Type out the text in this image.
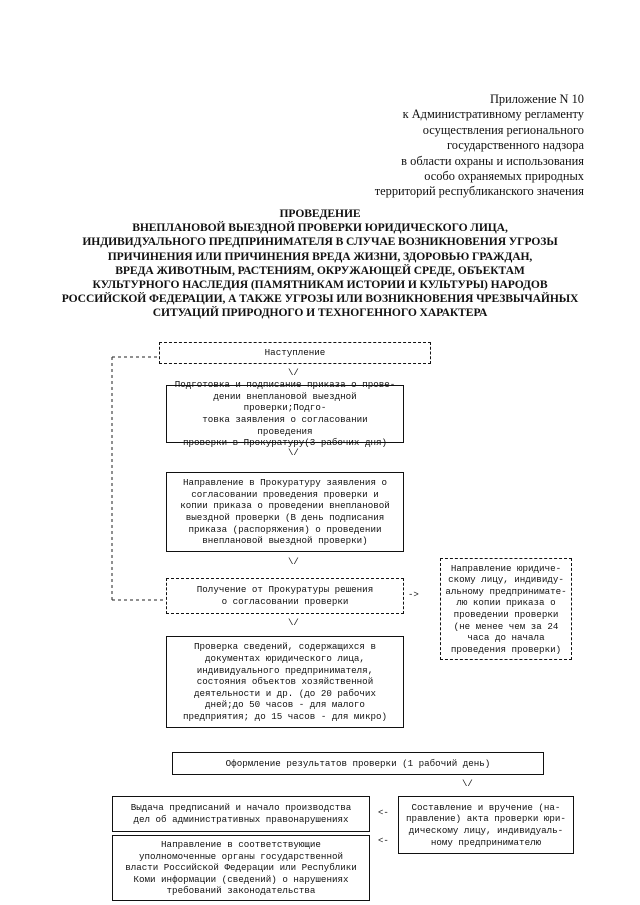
Приложение N 10
к Административному регламенту
осуществления регионального
государственного надзора
в области охраны и использования
особо охраняемых природных
территорий республиканского значения
ПРОВЕДЕНИЕ
ВНЕПЛАНОВОЙ ВЫЕЗДНОЙ ПРОВЕРКИ ЮРИДИЧЕСКОГО ЛИЦА,
ИНДИВИДУАЛЬНОГО ПРЕДПРИНИМАТЕЛЯ В СЛУЧАЕ ВОЗНИКНОВЕНИЯ УГРОЗЫ
ПРИЧИНЕНИЯ ИЛИ ПРИЧИНЕНИЯ ВРЕДА ЖИЗНИ, ЗДОРОВЬЮ ГРАЖДАН,
ВРЕДА ЖИВОТНЫМ, РАСТЕНИЯМ, ОКРУЖАЮЩЕЙ СРЕДЕ, ОБЪЕКТАМ
КУЛЬТУРНОГО НАСЛЕДИЯ (ПАМЯТНИКАМ ИСТОРИИ И КУЛЬТУРЫ) НАРОДОВ
РОССИЙСКОЙ ФЕДЕРАЦИИ, А ТАКЖЕ УГРОЗЫ ИЛИ ВОЗНИКНОВЕНИЯ ЧРЕЗВЫЧАЙНЫХ
СИТУАЦИЙ ПРИРОДНОГО И ТЕХНОГЕННОГО ХАРАКТЕРА
Наступление
\/
Подготовка и подписание приказа о прове-
дении внеплановой выездной проверки;Подго-
товка заявления о согласовании проведения
проверки в Прокуратуру(3 рабочих дня)
\/
Направление в Прокуратуру заявления о
согласовании проведения проверки и
копии приказа о проведении внеплановой
выездной проверки (В день подписания
приказа (распоряжения) о проведении
внеплановой выездной проверки)
\/
Получение от Прокуратуры решения
о согласовании проверки
->
Направление юридиче-
скому лицу, индивиду-
альному предпринимате-
лю копии приказа о
проведении проверки
(не менее чем за 24
часа до начала
проведения проверки)
\/
Проверка сведений, содержащихся в
документах юридического лица,
индивидуального предпринимателя,
состояния объектов хозяйственной
деятельности и др. (до 20 рабочих
дней;до 50 часов - для малого
предприятия; до 15 часов - для микро)
Оформление результатов проверки (1 рабочий день)
\/
Выдача предписаний и начало производства
дел об административных правонарушениях
<-
Составление и вручение (на-
правление) акта проверки юри-
дическому лицу, индивидуаль-
ному предпринимателю
<-
Направление в соответствующие
уполномоченные органы государственной
власти Российской Федерации или Республики
Коми информации (сведений) о нарушениях
требований законодательства
